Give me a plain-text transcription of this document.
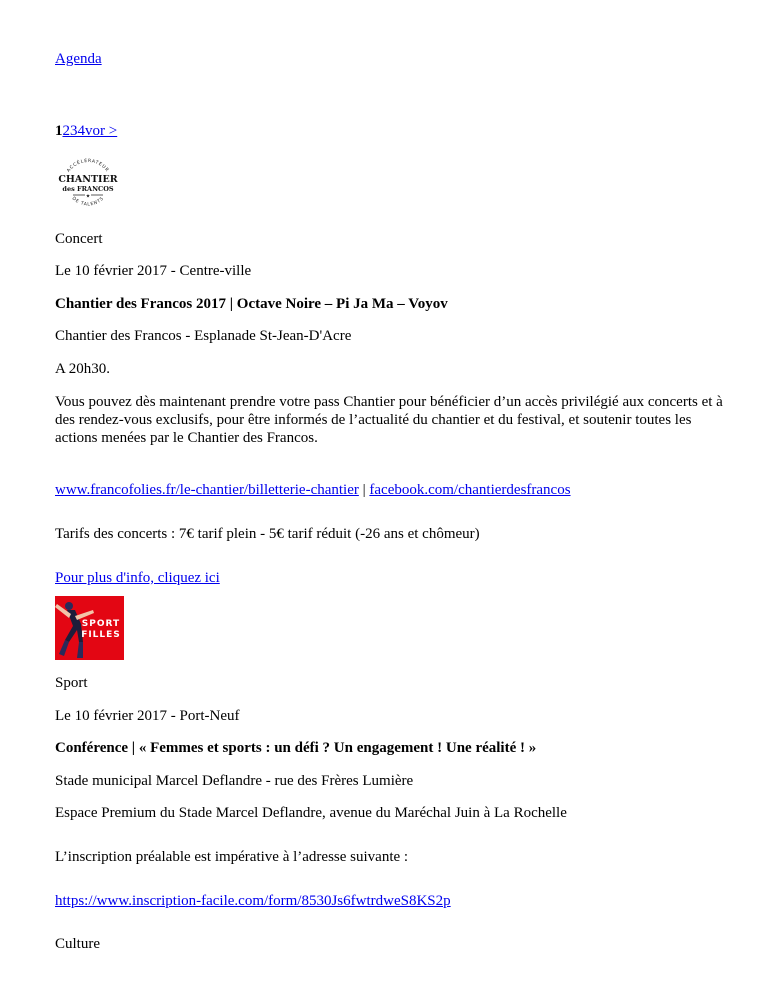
Agenda
1234vor >
ACCÉLÉRATEUR
CHANTIER
des FRANCOS
★
DE TALENTS
Concert
Le 10 février 2017 - Centre-ville
Chantier des Francos 2017 | Octave Noire – Pi Ja Ma – Voyov
Chantier des Francos - Esplanade St-Jean-D'Acre
A 20h30.
Vous pouvez dès maintenant prendre votre pass Chantier pour bénéficier d’un accès privilégié aux concerts et à des rendez-vous exclusifs, pour être informés de l’actualité du chantier et du festival, et soutenir toutes les actions menées par le Chantier des Francos.
www.francofolies.fr/le-chantier/billetterie-chantier | facebook.com/chantierdesfrancos
Tarifs des concerts : 7€ tarif plein - 5€ tarif réduit (-26 ans et chômeur)
Pour plus d'info, cliquez ici
SPORT
FILLES
Sport
Le 10 février 2017 - Port-Neuf
Conférence | « Femmes et sports : un défi ? Un engagement ! Une réalité ! »
Stade municipal Marcel Deflandre - rue des Frères Lumière
Espace Premium du Stade Marcel Deflandre, avenue du Maréchal Juin à La Rochelle
L’inscription préalable est impérative à l’adresse suivante :
https://www.inscription-facile.com/form/8530Js6fwtrdweS8KS2p
Culture
